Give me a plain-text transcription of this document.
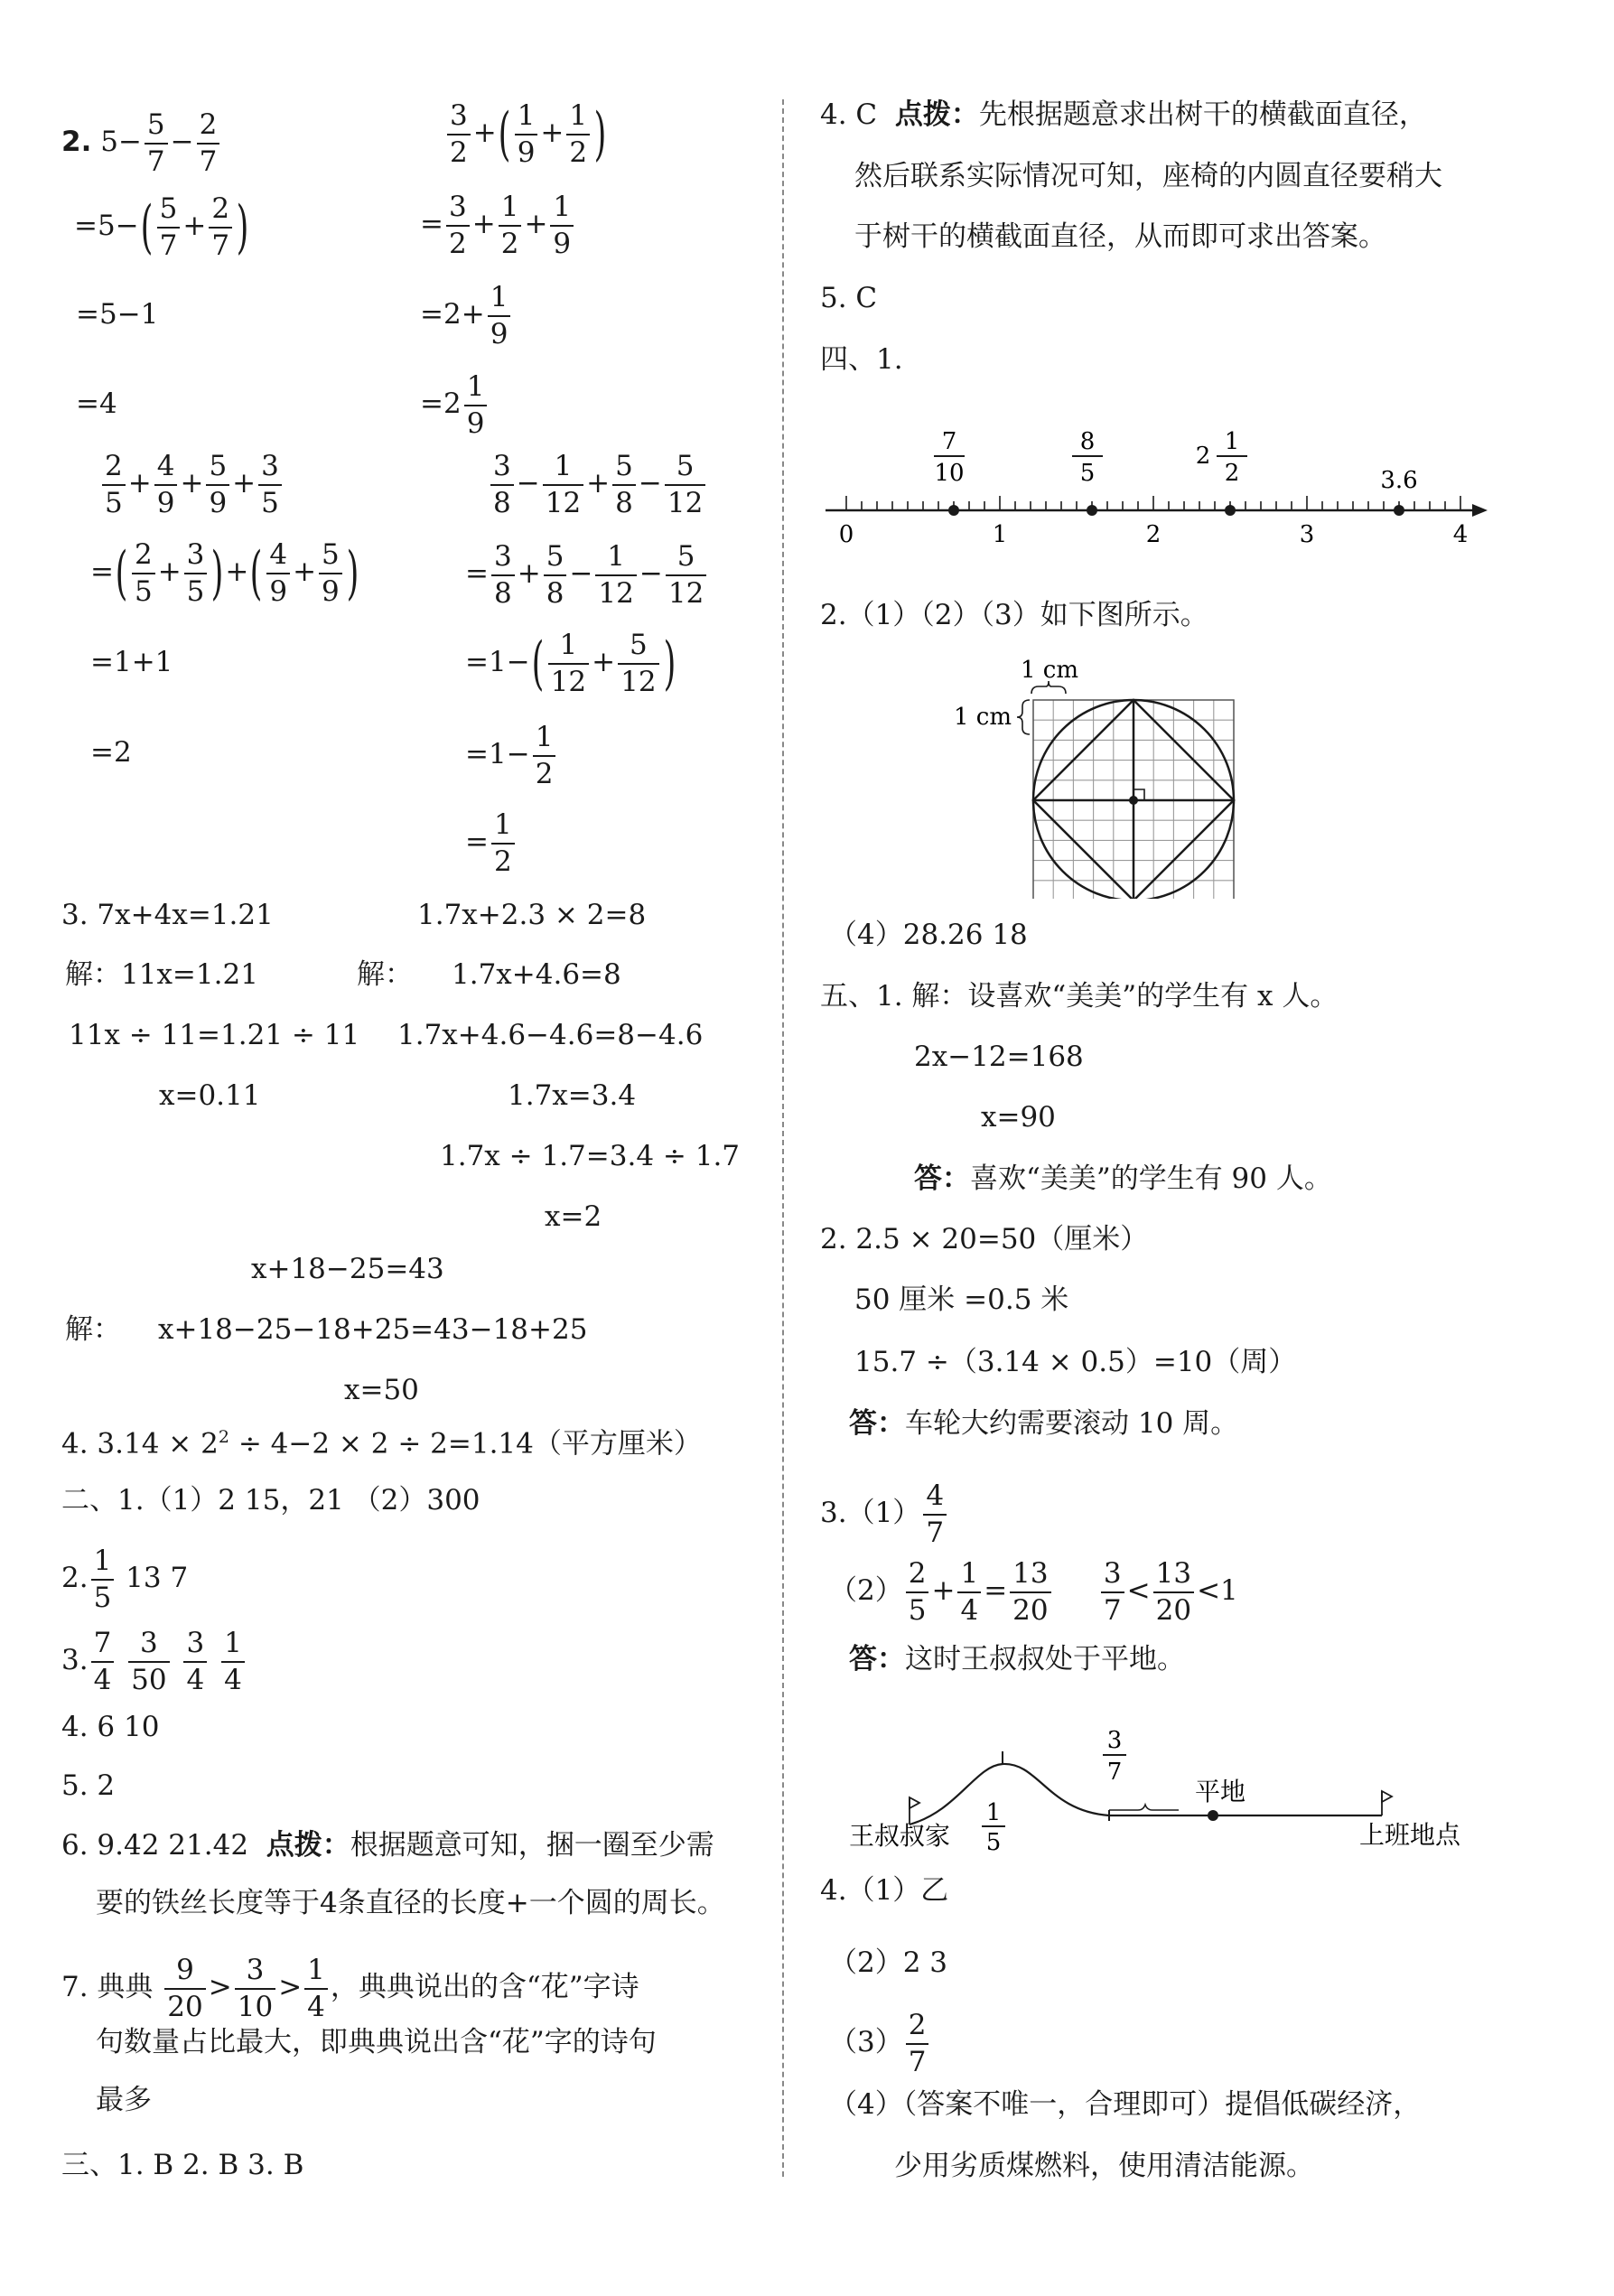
2. $5- \frac{5}{7} - \frac{2}{7}$
$=5-( \frac{5}{7} + \frac{2}{7}$ )
=5−1
=4
$\frac{3}{2}$ +( $\frac{1}{9} + \frac{1}{2}$ )
= $\frac{3}{2} + \frac{1}{2} + \frac{1}{9}$
$=2+ \frac{1}{9}$
$=2 \frac{1}{9}$
$\frac{2}{5} + \frac{4}{9} + \frac{5}{9} + \frac{3}{5}$
=( $\frac{2}{5} + \frac{3}{5}$ )+( $\frac{4}{9} + \frac{5}{9}$ )
=1+1
=2
$\frac{3}{8} - \frac{1}{12} + \frac{5}{8} - \frac{5}{12}$
= $\frac{3}{8} + \frac{5}{8} - \frac{1}{12} - \frac{5}{12}$
$=1-( \frac{1}{12} + \frac{5}{12}$ )
$=1- \frac{1}{2}$
= $\frac{1}{2}$
3. 7x+4x=1.21	1.7x+2.3 × 2=8
解：11x=1.21	解： 1.7x+4.6=8
11x ÷ 11=1.21 ÷ 11 1.7x+4.6−4.6=8−4.6
x=0.11	1.7x=3.4
1.7x ÷ 1.7=3.4 ÷ 1.7
x=2
x+18−25=43
解： x+18−25−18+25=43−18+25
x=50
4. $3.14 \times 2^2 \div 4-2 \times 2 \div 2=1.14$（平方厘米）
二、1.（1）2 15，21 （2）300
2. $\frac{1}{5} 13$ 7
3. $\frac{7}{4}$
$\frac{3}{50}$
$\frac{3}{4}$
$\frac{1}{4}$
4. 6 10
5. 2
6. 9.42 21.42 点拨：根据题意可知，捆一圈至少需
要的铁丝长度等于4条直径的长度+一个圆的周长。
7. 典典 $\frac{9}{20} > \frac{3}{10} > \frac{1}{4}$ ，典典说出的含“花”字诗
句数量占比最大，即典典说出含“花”字的诗句
最多
三、1. B 2. B 3. B
4. C 点拨：先根据题意求出树干的横截面直径，
然后联系实际情况可知，座椅的内圆直径要稍大
于树干的横截面直径，从而即可求出答案。
5. C
四、1.
7
10
8
5
2
1
2	3.6
0	1	2	3	4
2.（1）（2）（3）如下图所示。
1 cm
1 cm
（4）28.26 18
五、1. 解：设喜欢“美美”的学生有 x 人。
2x−12=168
x=90
答：喜欢“美美”的学生有 90 人。
2. 2.5 × 20=50（厘米）
50 厘米 =0.5 米
15.7 ÷（3.14 × 0.5）=10（周）
答：车轮大约需要滚动 10 周。
$3.(1) \frac{4}{7}$
$(2) \frac{2}{5} + \frac{1}{4} = \frac{13}{20}$
$\frac{3}{7} < \frac{13}{20} <1$
答：这时王叔叔处于平地。
王叔叔家	上班地点
平地
1
5
3
7
4.（1）乙
（2）2 3
$(3) \frac{2}{7}$
（4）（答案不唯一，合理即可）提倡低碳经济，
少用劣质煤燃料，使用清洁能源。
